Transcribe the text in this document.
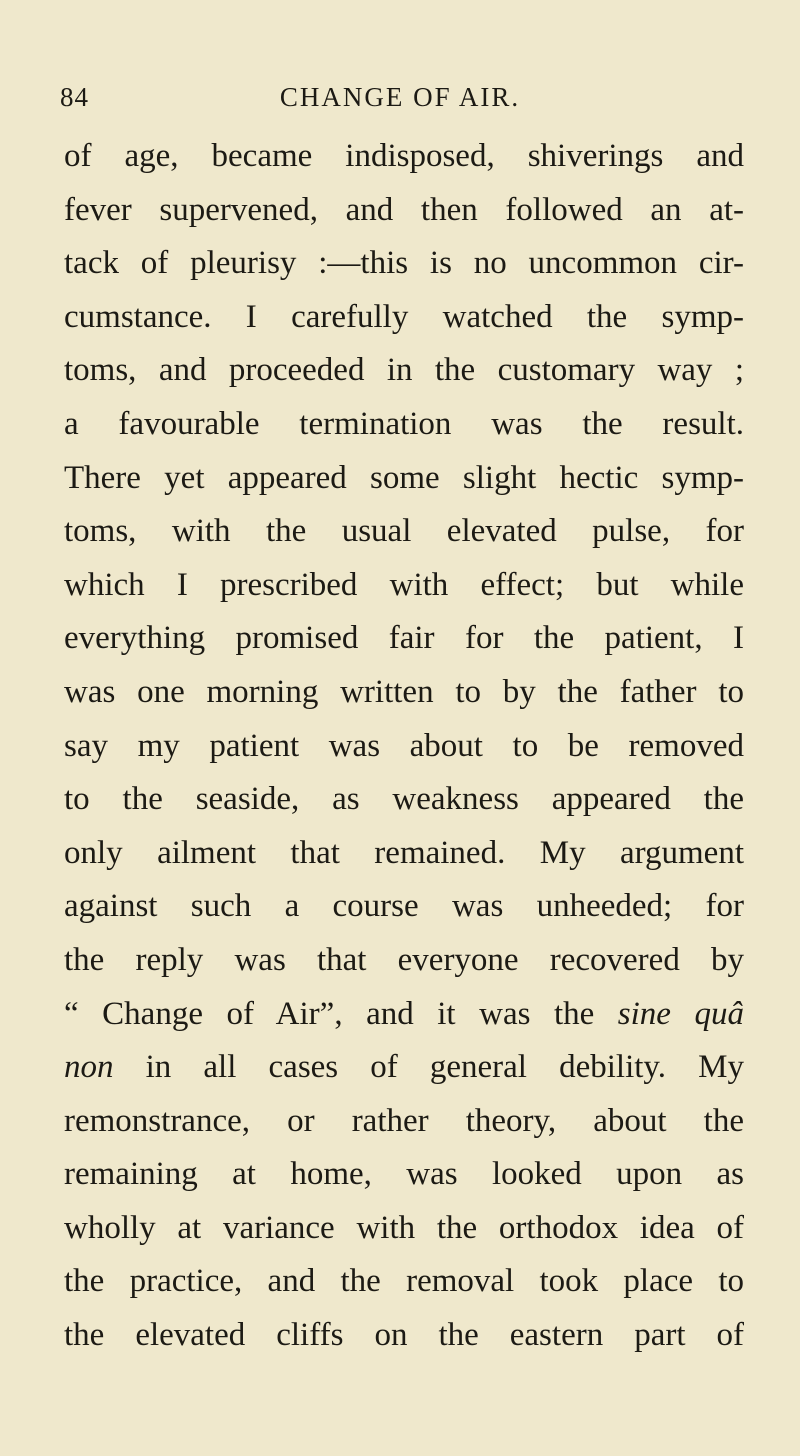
84	CHANGE OF AIR.
of age, became indisposed, shiverings and
fever supervened, and then followed an at-
tack of pleurisy :—this is no uncommon cir-
cumstance. I carefully watched the symp-
toms, and proceeded in the customary way ;
a favourable termination was the result.
There yet appeared some slight hectic symp-
toms, with the usual elevated pulse, for
which I prescribed with effect; but while
everything promised fair for the patient, I
was one morning written to by the father to
say my patient was about to be removed
to the seaside, as weakness appeared the
only ailment that remained. My argument
against such a course was unheeded; for
the reply was that everyone recovered by
“ Change of Air”, and it was the sine quâ
non in all cases of general debility. My
remonstrance, or rather theory, about the
remaining at home, was looked upon as
wholly at variance with the orthodox idea of
the practice, and the removal took place to
the elevated cliffs on the eastern part of
